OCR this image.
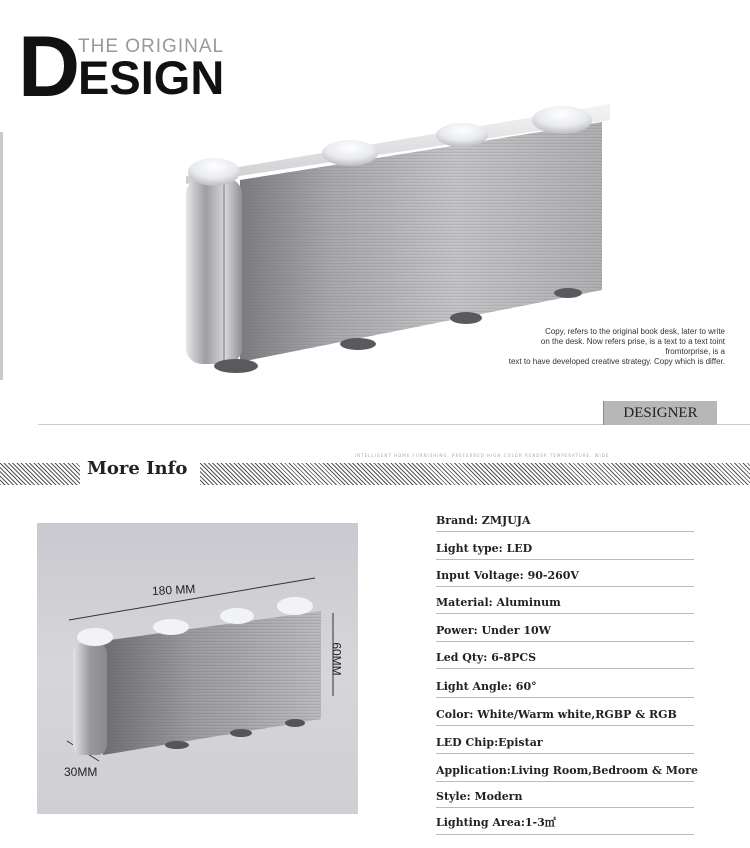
D THE ORIGINAL
ESIGN
Copy, refers to the original book desk, later to write
on the desk. Now refers prise, is a text to a text toint fromtorprise, is a
text to have developed creative strategy. Copy which is differ.
DESIGNER
More Info
INTELLIGENT HOME FURNISHING, PREFERRED HIGH-COLOR RENDER TEMPERATURE, WIDE
180 MM
60MM
30MM
Brand: ZMJUJA
Light type: LED
Input Voltage: 90-260V
Material: Aluminum
Power: Under 10W
Led Qty: 6-8PCS
Light Angle: 60°
Color: White/Warm white,RGBP & RGB
LED Chip:Epistar
Application:Living Room,Bedroom & More
Style: Modern
Lighting Area:1-3㎡
